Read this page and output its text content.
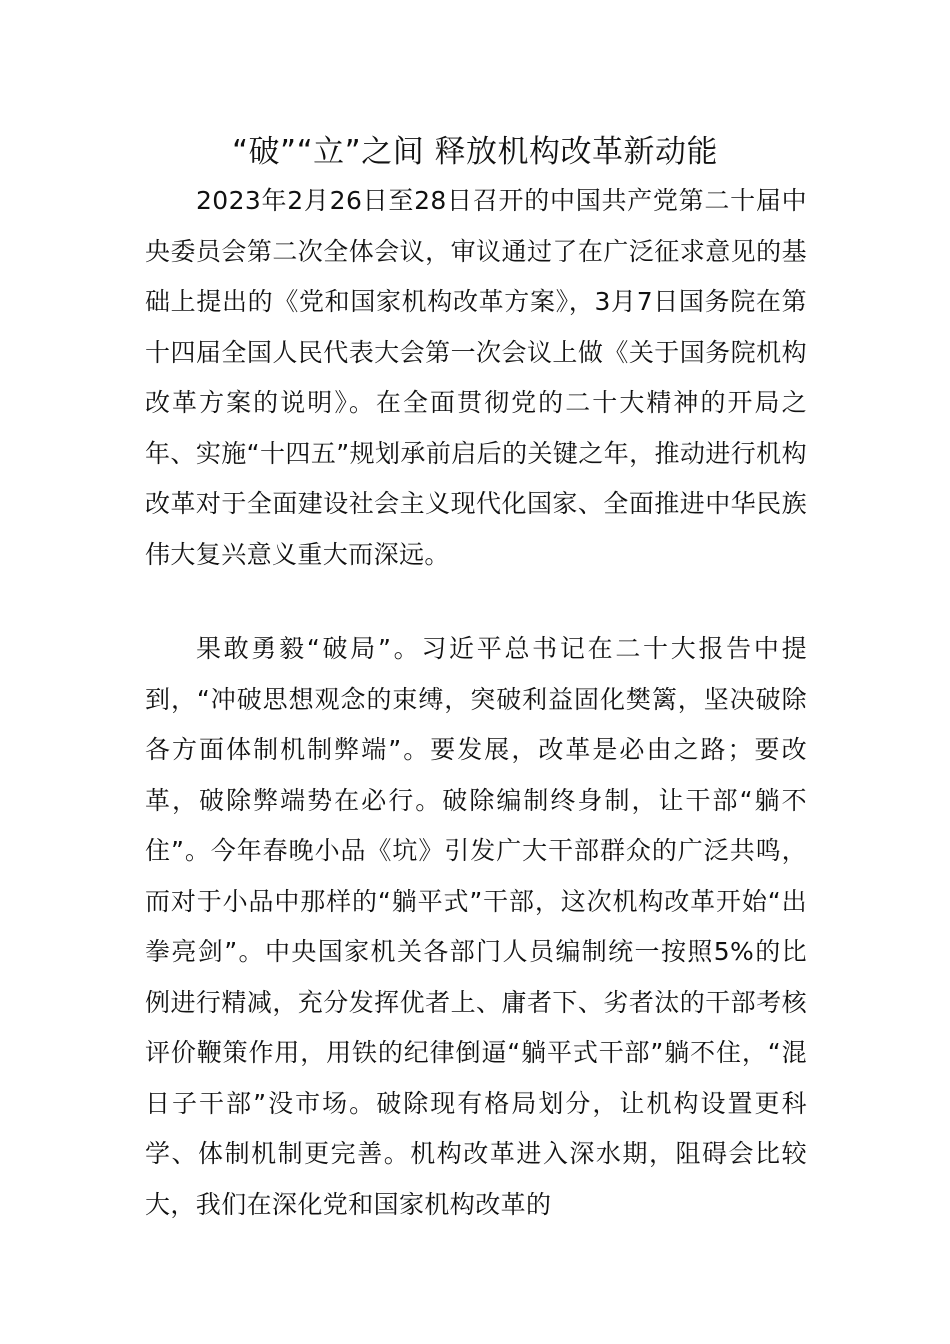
“破”“立”之间 释放机构改革新动能

2023年2月26日至28日召开的中国共产党第二十届中央委员会第二次全体会议，审议通过了在广泛征求意见的基础上提出的《党和国家机构改革方案》，3月7日国务院在第十四届全国人民代表大会第一次会议上做《关于国务院机构改革方案的说明》。在全面贯彻党的二十大精神的开局之年、实施“十四五”规划承前启后的关键之年，推动进行机构改革对于全面建设社会主义现代化国家、全面推进中华民族伟大复兴意义重大而深远。

果敢勇毅“破局”。习近平总书记在二十大报告中提到，“冲破思想观念的束缚，突破利益固化樊篱，坚决破除各方面体制机制弊端”。要发展，改革是必由之路；要改革，破除弊端势在必行。破除编制终身制，让干部“躺不住”。今年春晚小品《坑》引发广大干部群众的广泛共鸣，而对于小品中那样的“躺平式”干部，这次机构改革开始“出拳亮剑”。中央国家机关各部门人员编制统一按照5%的比例进行精减，充分发挥优者上、庸者下、劣者汰的干部考核评价鞭策作用，用铁的纪律倒逼“躺平式干部”躺不住，“混日子干部”没市场。破除现有格局划分，让机构设置更科学、体制机制更完善。机构改革进入深水期，阻碍会比较大，我们在深化党和国家机构改革的
